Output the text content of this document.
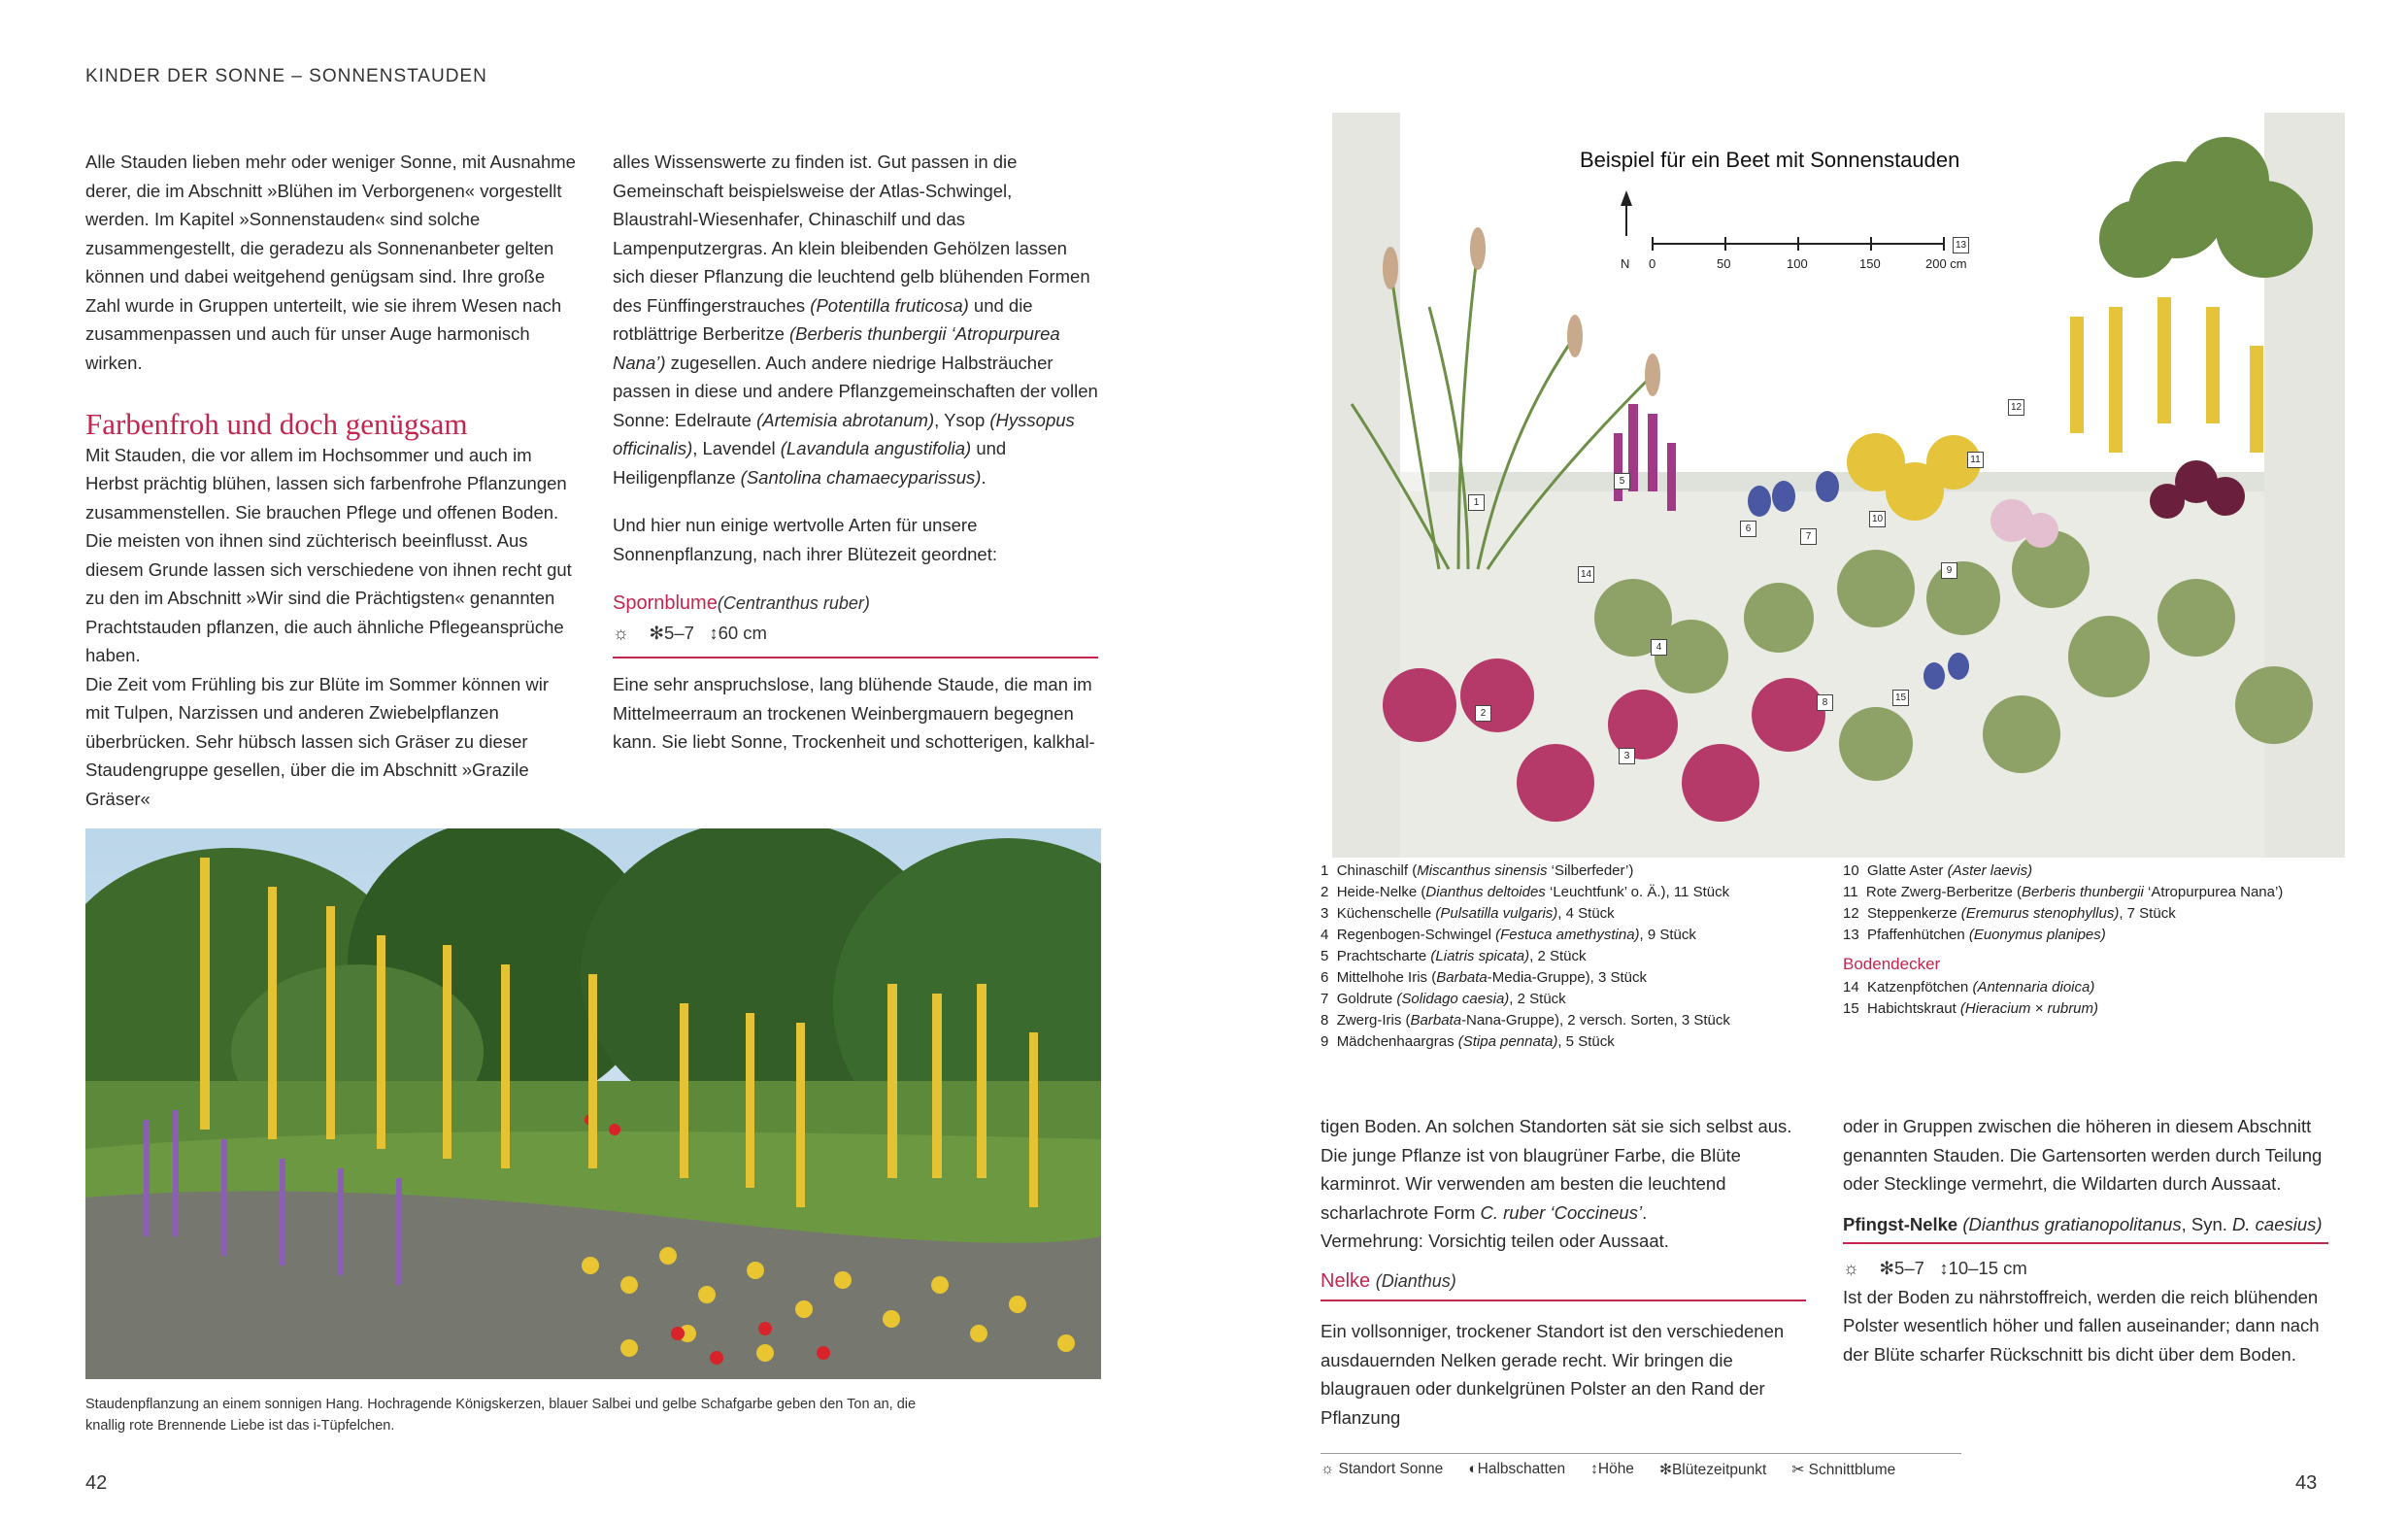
KINDER DER SONNE – SONNENSTAUDEN

Alle Stauden lieben mehr oder weniger Sonne, mit Ausnahme derer, die im Abschnitt »Blühen im Verborgenen« vorgestellt werden. Im Kapitel »Sonnenstauden« sind solche zusammengestellt, die geradezu als Sonnenanbeter gelten können und dabei weitgehend genügsam sind. Ihre große Zahl wurde in Gruppen unterteilt, wie sie ihrem Wesen nach zusammenpassen und auch für unser Auge harmonisch wirken.

Farbenfroh und doch genügsam

Mit Stauden, die vor allem im Hochsommer und auch im Herbst prächtig blühen, lassen sich farbenfrohe Pflanzungen zusammenstellen. Sie brauchen Pflege und offenen Boden. Die meisten von ihnen sind züchterisch beeinflusst. Aus diesem Grunde lassen sich verschiedene von ihnen recht gut zu den im Abschnitt »Wir sind die Prächtigsten« genannten Prachtstauden pflanzen, die auch ähnliche Pflegeansprüche haben.

Die Zeit vom Frühling bis zur Blüte im Sommer können wir mit Tulpen, Narzissen und anderen Zwiebelpflanzen überbrücken. Sehr hübsch lassen sich Gräser zu dieser Staudengruppe gesellen, über die im Abschnitt »Grazile Gräser«

alles Wissenswerte zu finden ist. Gut passen in die Gemeinschaft beispielsweise der Atlas-Schwingel, Blaustrahl-Wiesenhafer, Chinaschilf und das Lampenputzergras. An klein bleibenden Gehölzen lassen sich dieser Pflanzung die leuchtend gelb blühenden Formen des Fünffingerstrauches (Potentilla fruticosa) und die rotblättrige Berberitze (Berberis thunbergii ‘Atropurpurea Nana’) zugesellen. Auch andere niedrige Halbsträucher passen in diese und andere Pflanzgemeinschaften der vollen Sonne: Edelraute (Artemisia abrotanum), Ysop (Hyssopus officinalis), Lavendel (Lavandula angustifolia) und Heiligenpflanze (Santolina chamaecyparissus).

Und hier nun einige wertvolle Arten für unsere Sonnenpflanzung, nach ihrer Blütezeit geordnet:

Spornblume(Centranthus ruber)
☼ ✻5–7 ↕60 cm

Eine sehr anspruchslose, lang blühende Staude, die man im Mittelmeerraum an trockenen Weinbergmauern begegnen kann. Sie liebt Sonne, Trockenheit und schotterigen, kalkhal-

Staudenpflanzung an einem sonnigen Hang. Hochragende Königskerzen, blauer Salbei und gelbe Schafgarbe geben den Ton an, die knallig rote Brennende Liebe ist das i-Tüpfelchen.
42
Beispiel für ein Beet mit Sonnenstauden
N 0	50	100	150	200 cm
1
2
3
4
5
6
7
8
9
10
11
12
13
14
15
1 Chinaschilf (Miscanthus sinensis ‘Silberfeder’)
2 Heide-Nelke (Dianthus deltoides ‘Leuchtfunk’ o. Ä.), 11 Stück
3 Küchenschelle (Pulsatilla vulgaris), 4 Stück
4 Regenbogen-Schwingel (Festuca amethystina), 9 Stück
5 Prachtscharte (Liatris spicata), 2 Stück
6 Mittelhohe Iris (Barbata-Media-Gruppe), 3 Stück
7 Goldrute (Solidago caesia), 2 Stück
8 Zwerg-Iris (Barbata-Nana-Gruppe), 2 versch. Sorten, 3 Stück
9 Mädchenhaargras (Stipa pennata), 5 Stück
10 Glatte Aster (Aster laevis)
11 Rote Zwerg-Berberitze (Berberis thunbergii ‘Atropurpurea Nana’)
12 Steppenkerze (Eremurus stenophyllus), 7 Stück
13 Pfaffenhütchen (Euonymus planipes)
Bodendecker
14 Katzenpfötchen (Antennaria dioica)
15 Habichtskraut (Hieracium × rubrum)

tigen Boden. An solchen Standorten sät sie sich selbst aus. Die junge Pflanze ist von blaugrüner Farbe, die Blüte karminrot. Wir verwenden am besten die leuchtend scharlachrote Form C. ruber ‘Coccineus’.

Vermehrung: Vorsichtig teilen oder Aussaat.

Nelke (Dianthus)

Ein vollsonniger, trockener Standort ist den verschiedenen ausdauernden Nelken gerade recht. Wir bringen die blaugrauen oder dunkelgrünen Polster an den Rand der Pflanzung

oder in Gruppen zwischen die höheren in diesem Abschnitt genannten Stauden. Die Gartensorten werden durch Teilung oder Stecklinge vermehrt, die Wildarten durch Aussaat.

Pfingst-Nelke (Dianthus gratianopolitanus, Syn. D. caesius)
☼ ✻5–7 ↕10–15 cm

Ist der Boden zu nährstoffreich, werden die reich blühenden Polster wesentlich höher und fallen auseinander; dann nach der Blüte scharfer Rückschnitt bis dicht über dem Boden.

☼ Standort Sonne ◐Halbschatten ↕Höhe ✻Blütezeitpunkt ✂ Schnittblume
43
